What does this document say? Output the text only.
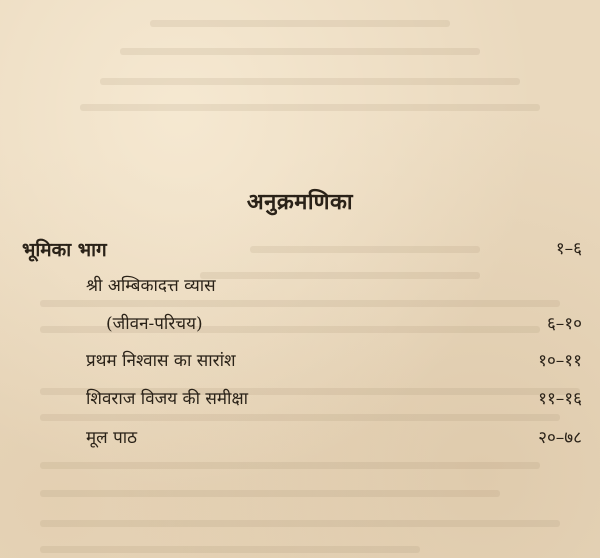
अनुक्रमणिका
भूमिका भाग	१–६
श्री अम्बिकादत्त व्यास
(जीवन-परिचय)	६–१०
प्रथम निश्वास का सारांश	१०–११
शिवराज विजय की समीक्षा	११–१६
मूल पाठ	२०–७८
